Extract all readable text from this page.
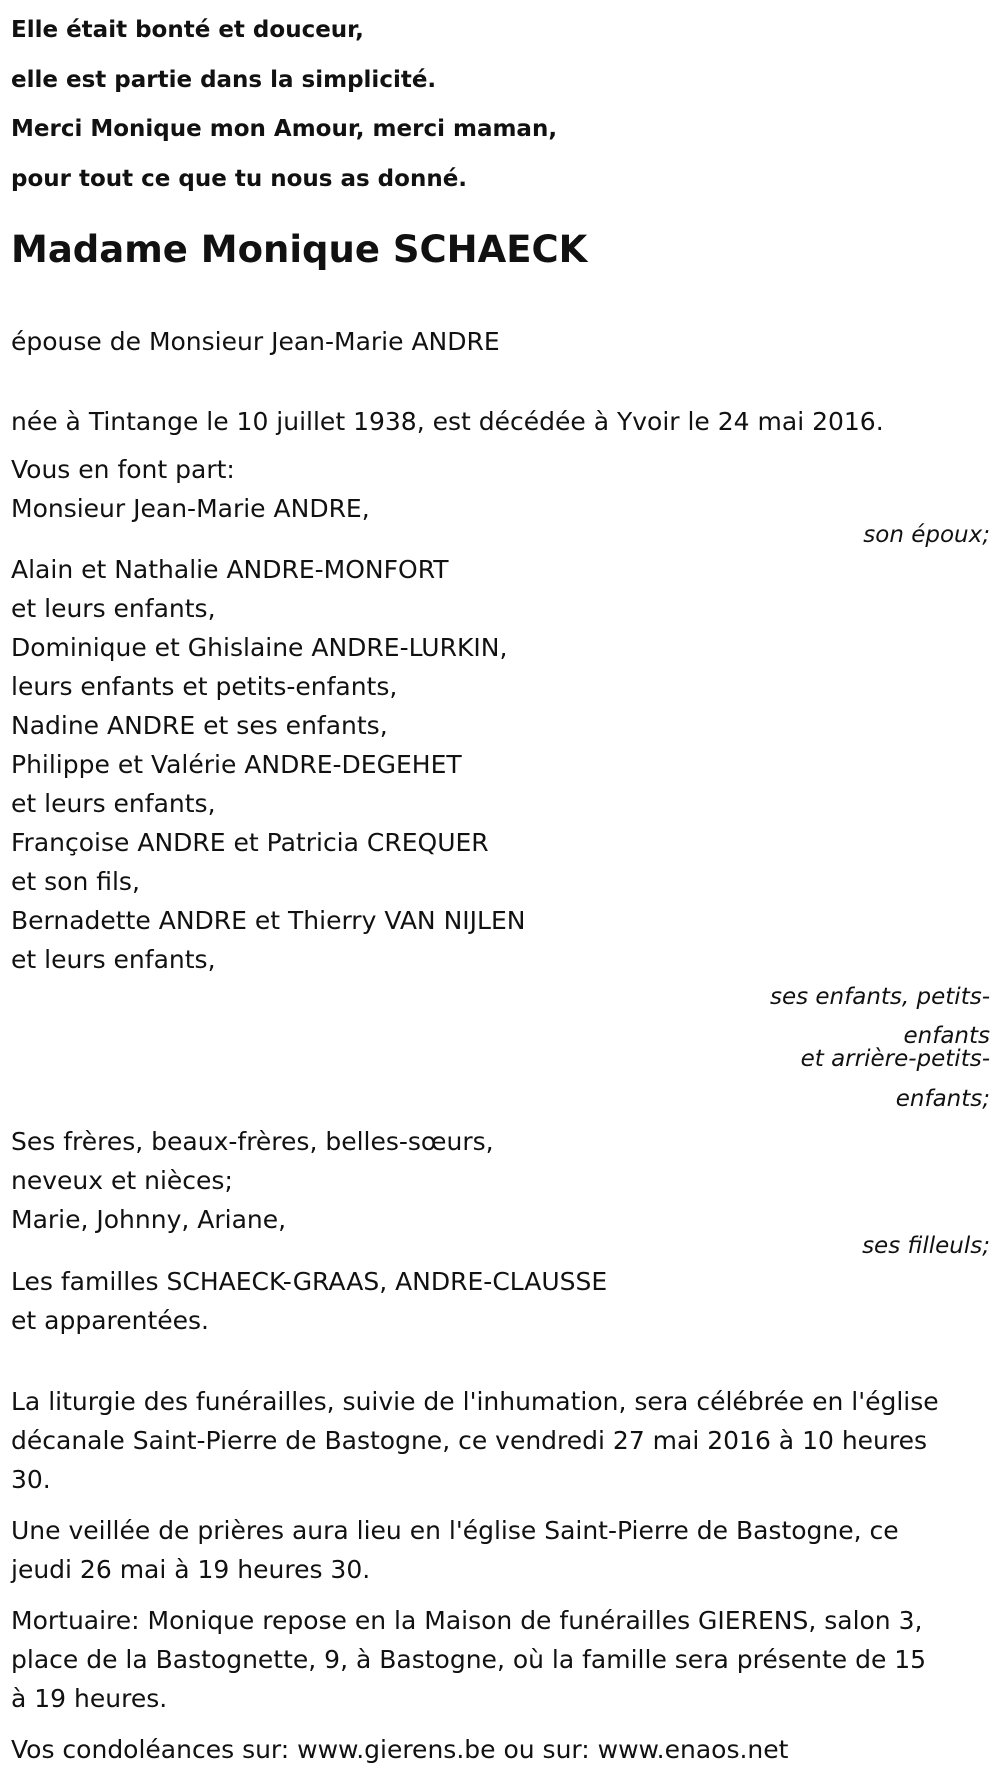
Elle était bonté et douceur,
elle est partie dans la simplicité.
Merci Monique mon Amour, merci maman,
pour tout ce que tu nous as donné.

Madame Monique SCHAECK

épouse de Monsieur Jean-Marie ANDRE

née à Tintange le 10 juillet 1938, est décédée à Yvoir le 24 mai 2016.

Vous en font part:

Monsieur Jean-Marie ANDRE,

son époux;

Alain et Nathalie ANDRE-MONFORT

et leurs enfants,

Dominique et Ghislaine ANDRE-LURKIN,

leurs enfants et petits-enfants,

Nadine ANDRE et ses enfants,

Philippe et Valérie ANDRE-DEGEHET

et leurs enfants,

Françoise ANDRE et Patricia CREQUER

et son fils,

Bernadette ANDRE et Thierry VAN NIJLEN

et leurs enfants,

ses enfants, petits-

enfants

et arrière-petits-

enfants;

Ses frères, beaux-frères, belles-sœurs,

neveux et nièces;

Marie, Johnny, Ariane,

ses filleuls;

Les familles SCHAECK-GRAAS, ANDRE-CLAUSSE

et apparentées.

La liturgie des funérailles, suivie de l'inhumation, sera célébrée en l'église

décanale Saint-Pierre de Bastogne, ce vendredi 27 mai 2016 à 10 heures

30.

Une veillée de prières aura lieu en l'église Saint-Pierre de Bastogne, ce

jeudi 26 mai à 19 heures 30.

Mortuaire: Monique repose en la Maison de funérailles GIERENS, salon 3,

place de la Bastognette, 9, à Bastogne, où la famille sera présente de 15

à 19 heures.

Vos condoléances sur: www.gierens.be ou sur: www.enaos.net
